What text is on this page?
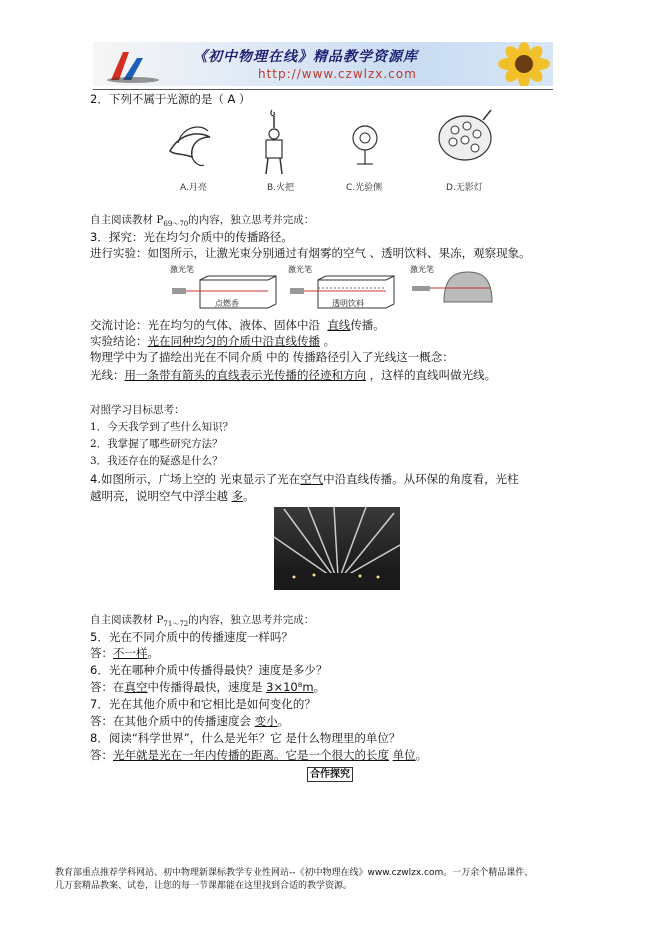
《初中物理在线》精品教学资源库
http://www.czwlzx.com
2．下列不属于光源的是（ A ）
A.月亮	B.火把	C.光验侧	D.无影灯
自主阅读教材 $P_{69\sim 70}$的内容，独立思考并完成：
3．探究：光在均匀介质中的传播路径。
进行实验：如图所示，让激光束分别通过有烟雾的空气 、透明饮料、果冻，观察现象。
激光笔
点燃香
激光笔
透明饮料
激光笔
交流讨论：光在均匀的气体、液体、固体中沿 直线传播。
实验结论：光在同种均匀的介质中沿直线传播 。
物理学中为了描绘出光在不同介质 中的 传播路径引入了光线这一概念：
光线：用一条带有箭头的直线表示光传播的径迹和方向 ，这样的直线叫做光线。
对照学习目标思考：
1．今天我学到了些什么知识？
2．我掌握了哪些研究方法？
3．我还存在的疑惑是什么？
4.如图所示，广场上空的 光束显示了光在空气中沿直线传播。从环保的角度看，光柱
越明亮，说明空气中浮尘越 多。
自主阅读教材 $P_{71\sim 72}$的内容，独立思考并完成：
5．光在不同介质中的传播速度一样吗？
答：不一样。
6．光在哪种介质中传播得最快？速度是多少？
答：在真空中传播得最快，速度是 3×10⁸m。
7．光在其他介质中和它相比是如何变化的？
答：在其他介质中的传播速度会 变小。
8．阅读“科学世界”，什么是光年？它 是什么物理里的单位？
答：光年就是光在一年内传播的距离。它是一个很大的长度 单位。
合作探究
教育部重点推荐学科网站、初中物理新课标教学专业性网站--《初中物理在线》www.czwlzx.com。一万余个精品课件、
几万套精品教案、试卷，让您的每一节课都能在这里找到合适的教学资源。
